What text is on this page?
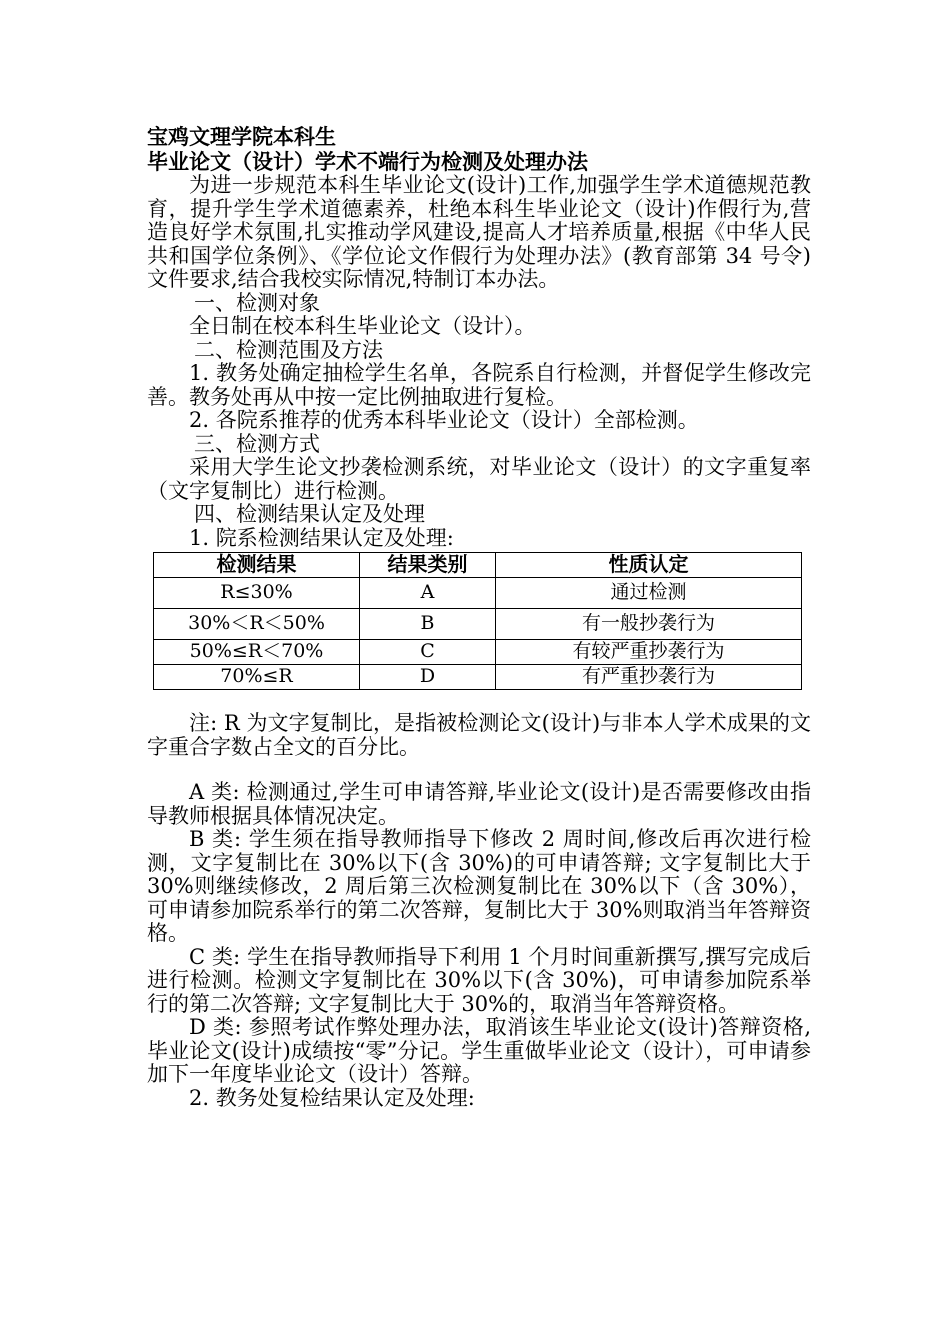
宝鸡文理学院本科生

毕业论文（设计）学术不端行为检测及处理办法

为进一步规范本科生毕业论文(设计)工作,加强学生学术道德规范教育，提升学生学术道德素养，杜绝本科生毕业论文（设计)作假行为,营造良好学术氛围,扎实推动学风建设,提高人才培养质量,根据《中华人民共和国学位条例》、《学位论文作假行为处理办法》(教育部第 34 号令)文件要求,结合我校实际情况,特制订本办法。

一、检测对象

全日制在校本科生毕业论文（设计）。

二、检测范围及方法

1. 教务处确定抽检学生名单，各院系自行检测，并督促学生修改完善。教务处再从中按一定比例抽取进行复检。

2. 各院系推荐的优秀本科毕业论文（设计）全部检测。

三、检测方式

采用大学生论文抄袭检测系统，对毕业论文（设计）的文字重复率（文字复制比）进行检测。

四、检测结果认定及处理

1. 院系检测结果认定及处理:

检测结果	结果类别	性质认定
R≤30%	A	通过检测
30%＜R＜50%	B	有一般抄袭行为
50%≤R＜70%	C	有较严重抄袭行为
70%≤R	D	有严重抄袭行为

注: R 为文字复制比，是指被检测论文(设计)与非本人学术成果的文字重合字数占全文的百分比。

A 类: 检测通过,学生可申请答辩,毕业论文(设计)是否需要修改由指导教师根据具体情况决定。

B 类: 学生须在指导教师指导下修改 2 周时间,修改后再次进行检测，文字复制比在 30%以下(含 30%)的可申请答辩; 文字复制比大于 30%则继续修改，2 周后第三次检测复制比在 30%以下（含 30%），可申请参加院系举行的第二次答辩，复制比大于 30%则取消当年答辩资格。

C 类: 学生在指导教师指导下利用 1 个月时间重新撰写,撰写完成后进行检测。检测文字复制比在 30%以下(含 30%)，可申请参加院系举行的第二次答辩; 文字复制比大于 30%的，取消当年答辩资格。

D 类: 参照考试作弊处理办法，取消该生毕业论文(设计)答辩资格,毕业论文(设计)成绩按“零”分记。学生重做毕业论文（设计），可申请参加下一年度毕业论文（设计）答辩。

2. 教务处复检结果认定及处理:
